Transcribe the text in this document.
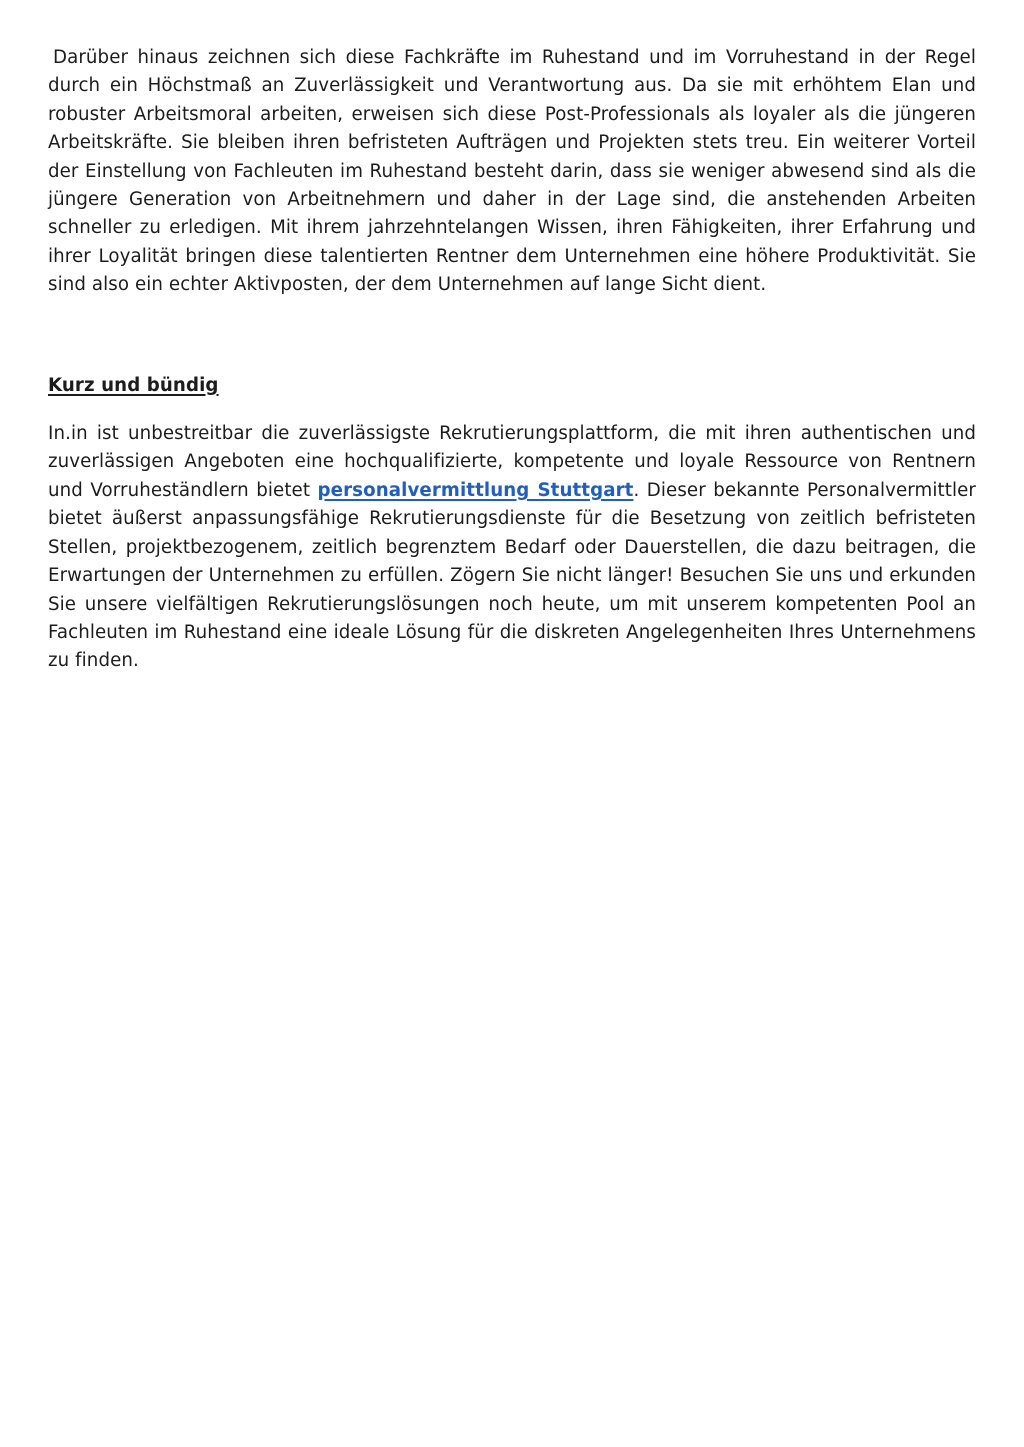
Darüber hinaus zeichnen sich diese Fachkräfte im Ruhestand und im Vorruhestand in der Regel durch ein Höchstmaß an Zuverlässigkeit und Verantwortung aus. Da sie mit erhöhtem Elan und robuster Arbeitsmoral arbeiten, erweisen sich diese Post-Professionals als loyaler als die jüngeren Arbeitskräfte. Sie bleiben ihren befristeten Aufträgen und Projekten stets treu. Ein weiterer Vorteil der Einstellung von Fachleuten im Ruhestand besteht darin, dass sie weniger abwesend sind als die jüngere Generation von Arbeitnehmern und daher in der Lage sind, die anstehenden Arbeiten schneller zu erledigen. Mit ihrem jahrzehntelangen Wissen, ihren Fähigkeiten, ihrer Erfahrung und ihrer Loyalität bringen diese talentierten Rentner dem Unternehmen eine höhere Produktivität. Sie sind also ein echter Aktivposten, der dem Unternehmen auf lange Sicht dient.

Kurz und bündig

In.in ist unbestreitbar die zuverlässigste Rekrutierungsplattform, die mit ihren authentischen und zuverlässigen Angeboten eine hochqualifizierte, kompetente und loyale Ressource von Rentnern und Vorruheständlern bietet personalvermittlung Stuttgart. Dieser bekannte Personalvermittler bietet äußerst anpassungsfähige Rekrutierungsdienste für die Besetzung von zeitlich befristeten Stellen, projektbezogenem, zeitlich begrenztem Bedarf oder Dauerstellen, die dazu beitragen, die Erwartungen der Unternehmen zu erfüllen. Zögern Sie nicht länger! Besuchen Sie uns und erkunden Sie unsere vielfältigen Rekrutierungslösungen noch heute, um mit unserem kompetenten Pool an Fachleuten im Ruhestand eine ideale Lösung für die diskreten Angelegenheiten Ihres Unternehmens zu finden.
